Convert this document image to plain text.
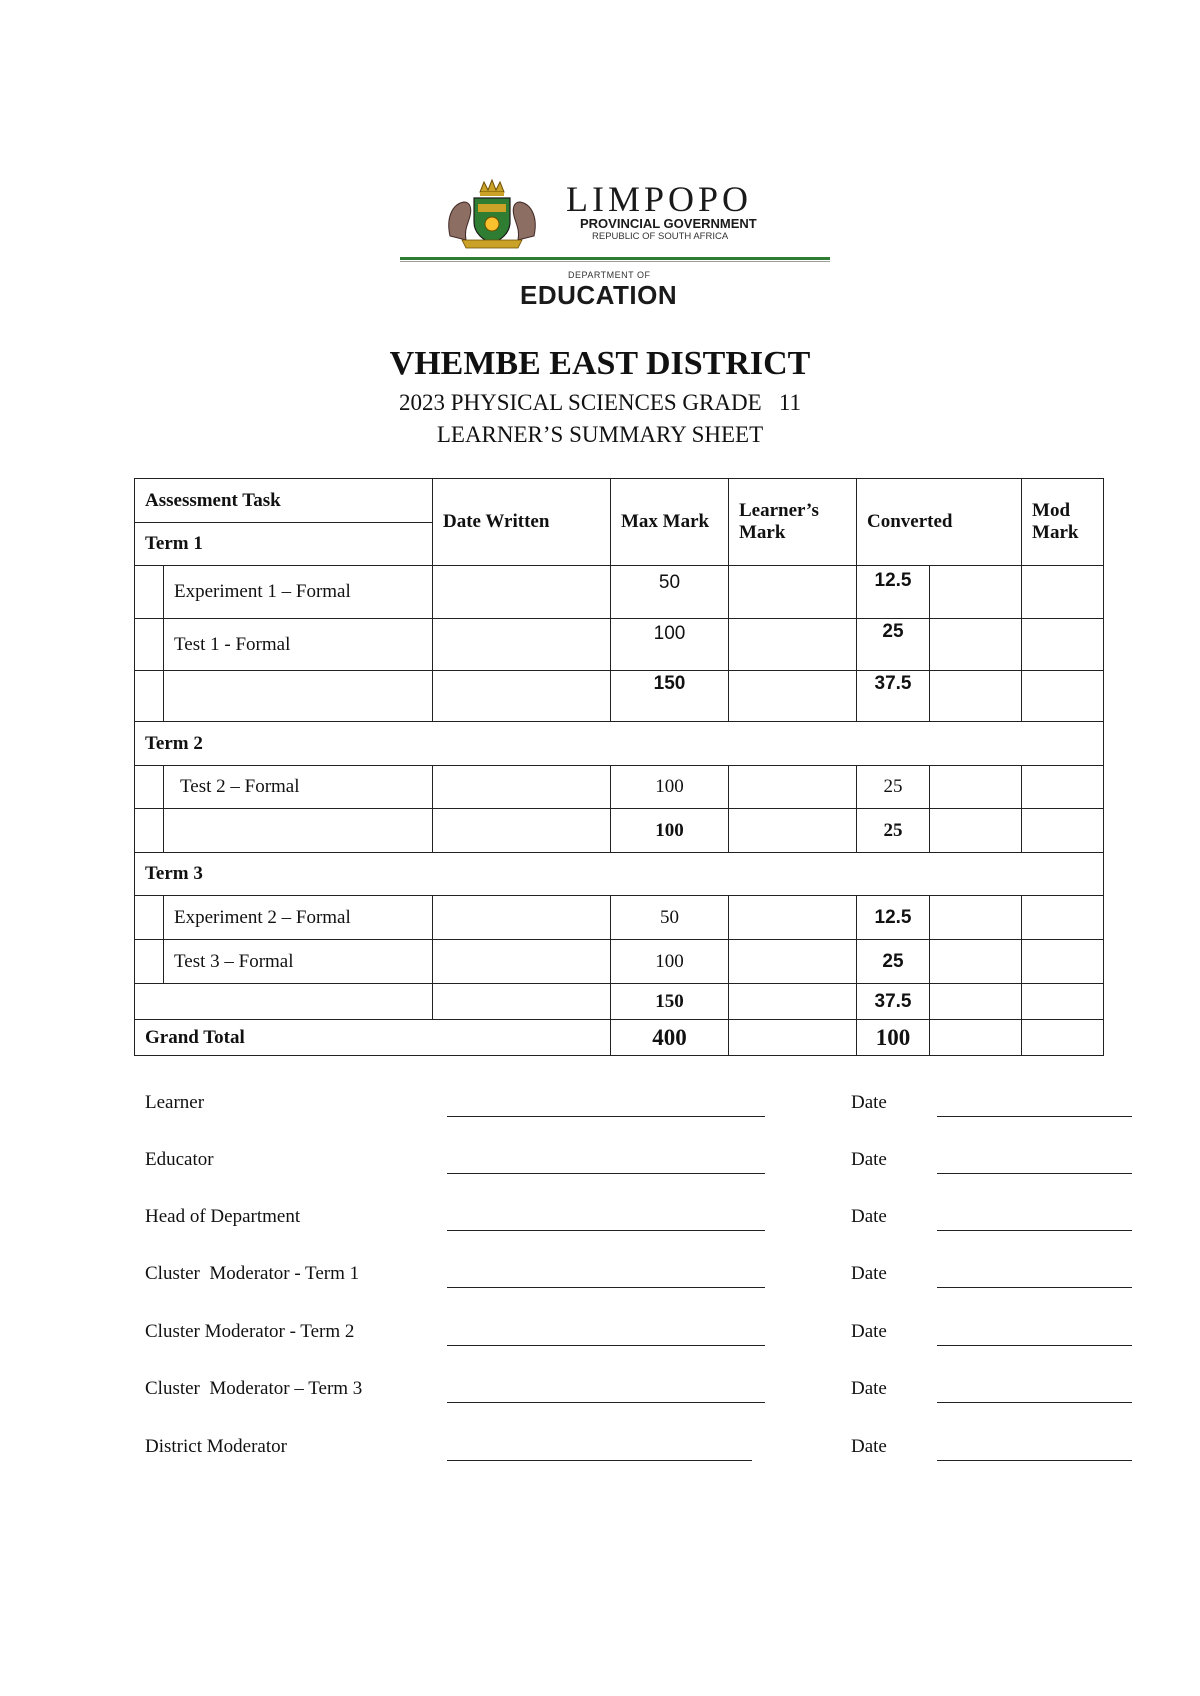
LIMPOPO
PROVINCIAL GOVERNMENT
REPUBLIC OF SOUTH AFRICA
DEPARTMENT OF
EDUCATION
VHEMBE EAST DISTRICT
2023 PHYSICAL SCIENCES GRADE   11
LEARNER’S SUMMARY SHEET
Assessment Task		Date Written	Max Mark	Learner’s Mark	Converted		Mod Mark
Term 1							
	Experiment 1 – Formal		50		12.5		
	Test 1 - Formal		100		25		
			150		37.5		
Term 2							
	Test 2 – Formal		100		25		
			100		25		
Term 3							
	Experiment 2 – Formal		50		12.5		
	Test 3 – Formal		100		25		
			150		37.5		
Grand Total			400		100		
Learner	Date
Educator	Date
Head of Department	Date
Cluster  Moderator - Term 1	Date
Cluster Moderator - Term 2	Date
Cluster  Moderator – Term 3	Date
District Moderator	Date
